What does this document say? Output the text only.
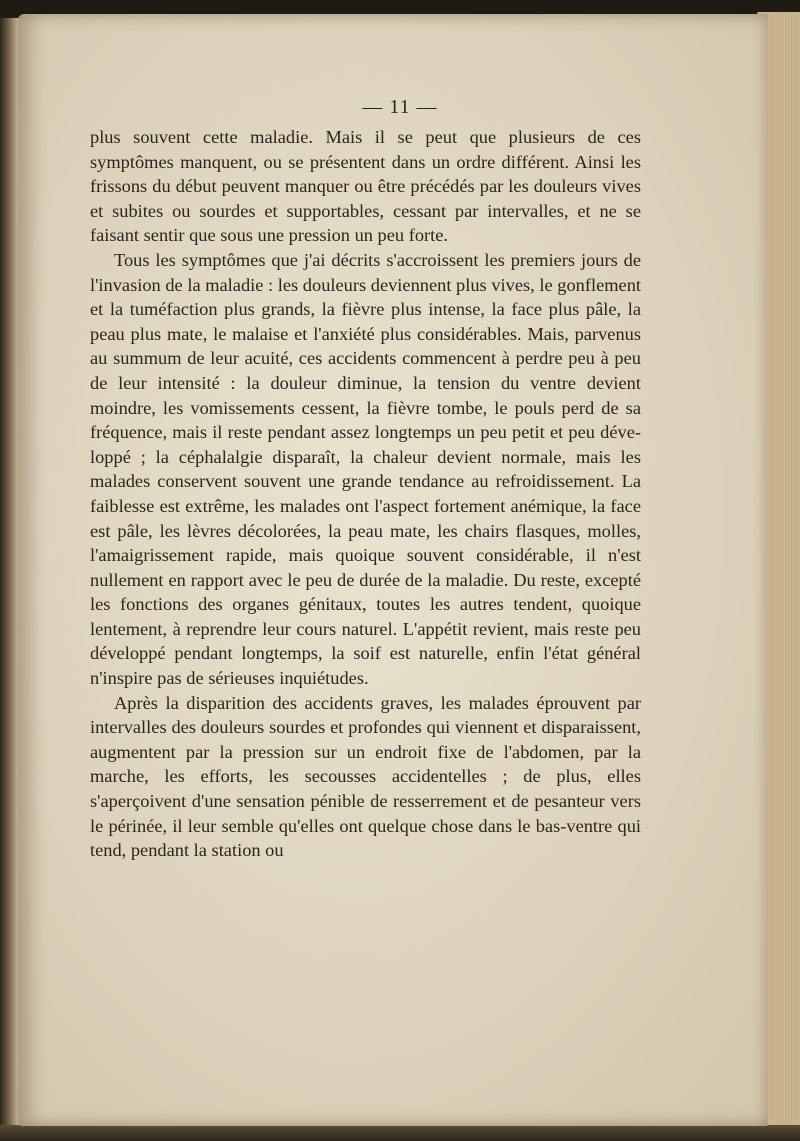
— 11 —

plus souvent cette maladie. Mais il se peut que plusieurs de ces symptômes manquent, ou se présentent dans un ordre différent. Ainsi les frissons du début peuvent manquer ou être précédés par les douleurs vives et subites ou sourdes et supportables, cessant par intervalles, et ne se faisant sentir que sous une pression un peu forte.

Tous les symptômes que j'ai décrits s'accroissent les premiers jours de l'invasion de la maladie : les douleurs deviennent plus vives, le gonflement et la tuméfaction plus grands, la fièvre plus intense, la face plus pâle, la peau plus mate, le malaise et l'anxiété plus considérables. Mais, parvenus au summum de leur acuité, ces accidents commencent à perdre peu à peu de leur intensité : la douleur diminue, la tension du ventre devient moindre, les vomissements cessent, la fièvre tombe, le pouls perd de sa fréquence, mais il reste pendant assez longtemps un peu petit et peu développé ; la céphalalgie disparaît, la chaleur devient normale, mais les malades conservent souvent une grande tendance au refroidissement. La faiblesse est extrême, les malades ont l'aspect fortement anémique, la face est pâle, les lèvres décolorées, la peau mate, les chairs flasques, molles, l'amaigrissement rapide, mais quoique souvent considérable, il n'est nullement en rapport avec le peu de durée de la maladie. Du reste, excepté les fonctions des organes génitaux, toutes les autres tendent, quoique lentement, à reprendre leur cours naturel. L'appétit revient, mais reste peu développé pendant longtemps, la soif est naturelle, enfin l'état général n'inspire pas de sérieuses inquiétudes.

Après la disparition des accidents graves, les malades éprouvent par intervalles des douleurs sourdes et profondes qui viennent et disparaissent, augmentent par la pression sur un endroit fixe de l'abdomen, par la marche, les efforts, les secousses accidentelles ; de plus, elles s'aperçoivent d'une sensation pénible de resserrement et de pesanteur vers le périnée, il leur semble qu'elles ont quelque chose dans le bas-ventre qui tend, pendant la station ou
